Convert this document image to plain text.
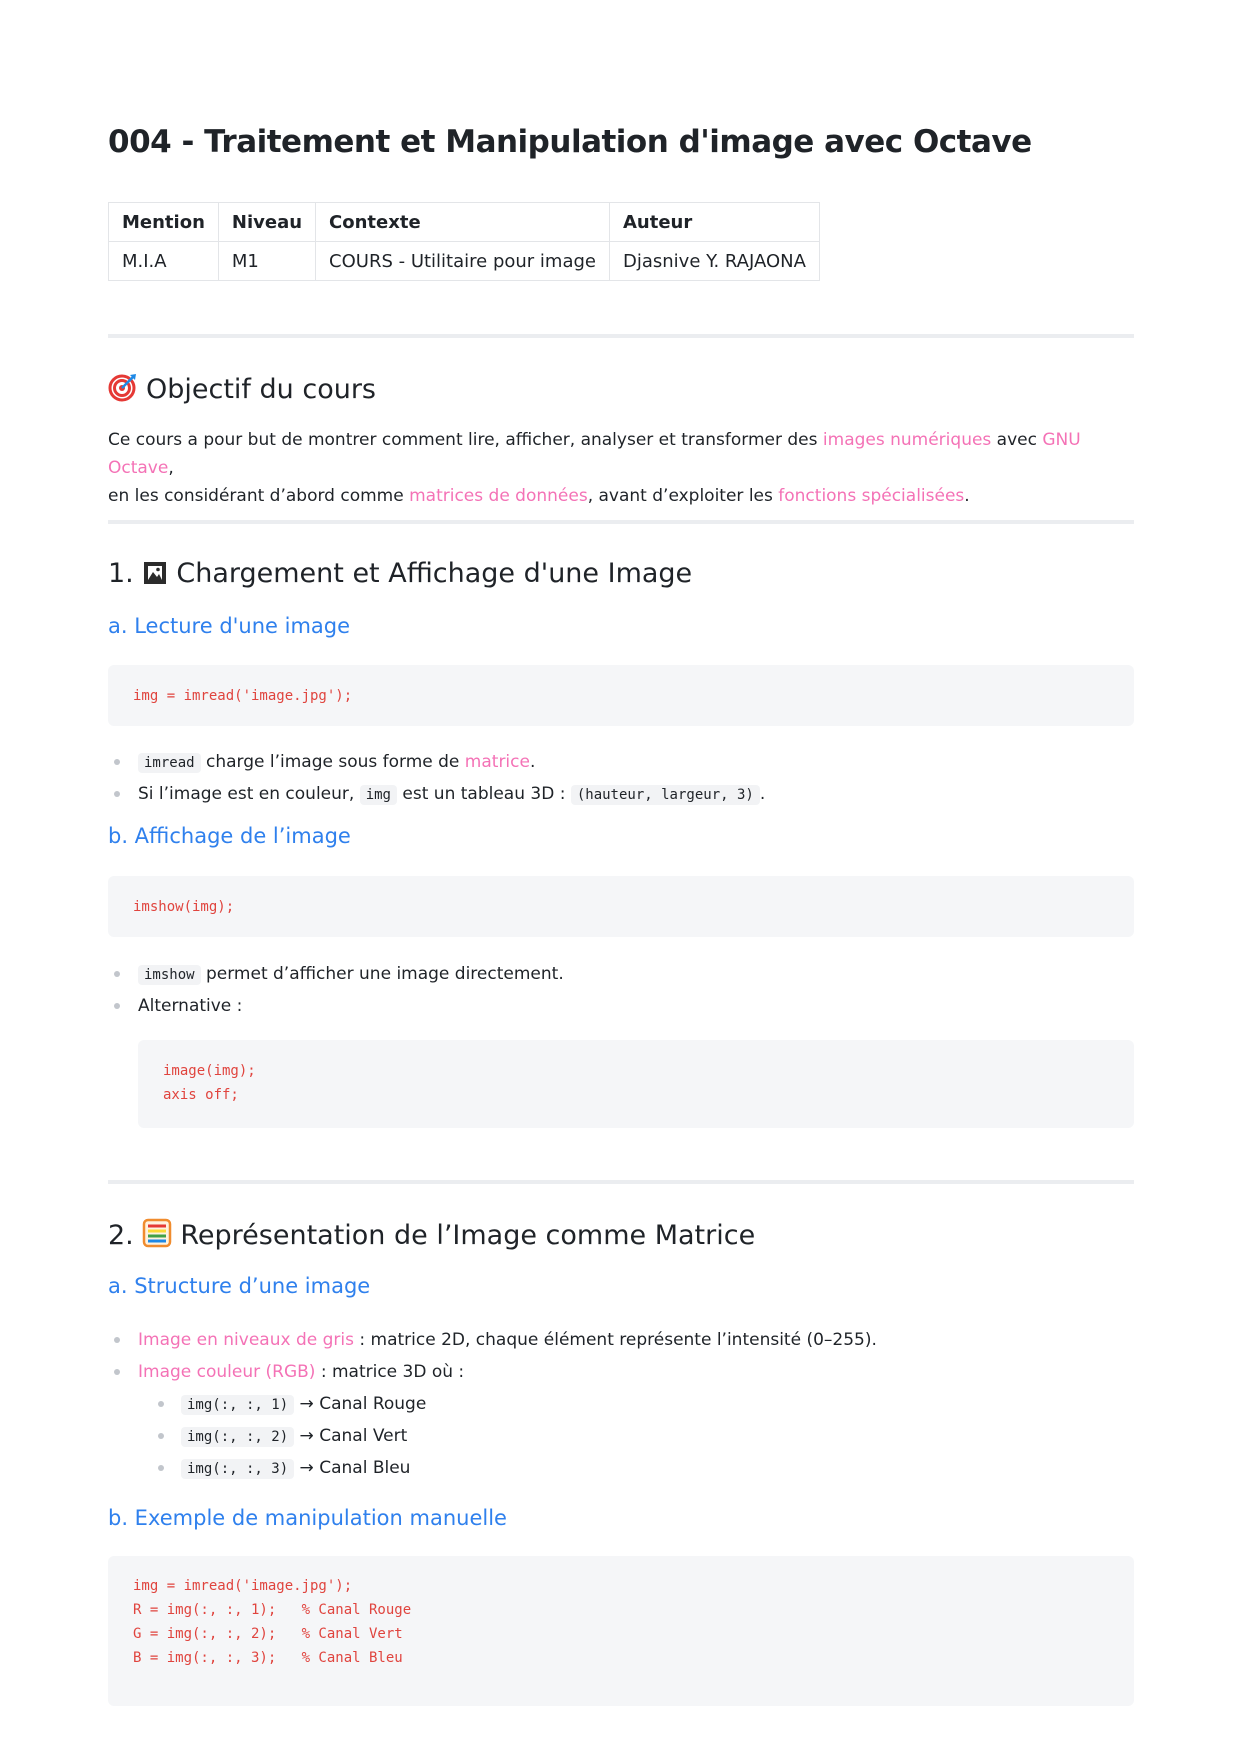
004 - Traitement et Manipulation d'image avec Octave
Mention	Niveau	Contexte	Auteur
M.I.A	M1	COURS - Utilitaire pour image	Djasnive Y. RAJAONA
Objectif du cours
Ce cours a pour but de montrer comment lire, afficher, analyser et transformer des images numériques avec GNU Octave,
en les considérant d’abord comme matrices de données, avant d’exploiter les fonctions spécialisées.
1. Chargement et Affichage d'une Image
a. Lecture d'une image
img = imread('image.jpg');
imread charge l’image sous forme de matrice.
Si l’image est en couleur, img est un tableau 3D : (hauteur, largeur, 3) .
b. Affichage de l’image
imshow(img);
imshow permet d’afficher une image directement.
Alternative :
image(img);
axis off;
2. Représentation de l’Image comme Matrice
a. Structure d’une image
Image en niveaux de gris : matrice 2D, chaque élément représente l’intensité (0–255).
Image couleur (RGB) : matrice 3D où :
img(:, :, 1) → Canal Rouge
img(:, :, 2) → Canal Vert
img(:, :, 3) → Canal Bleu
b. Exemple de manipulation manuelle
img = imread('image.jpg');
R = img(:, :, 1);   % Canal Rouge
G = img(:, :, 2);   % Canal Vert
B = img(:, :, 3);   % Canal Bleu
